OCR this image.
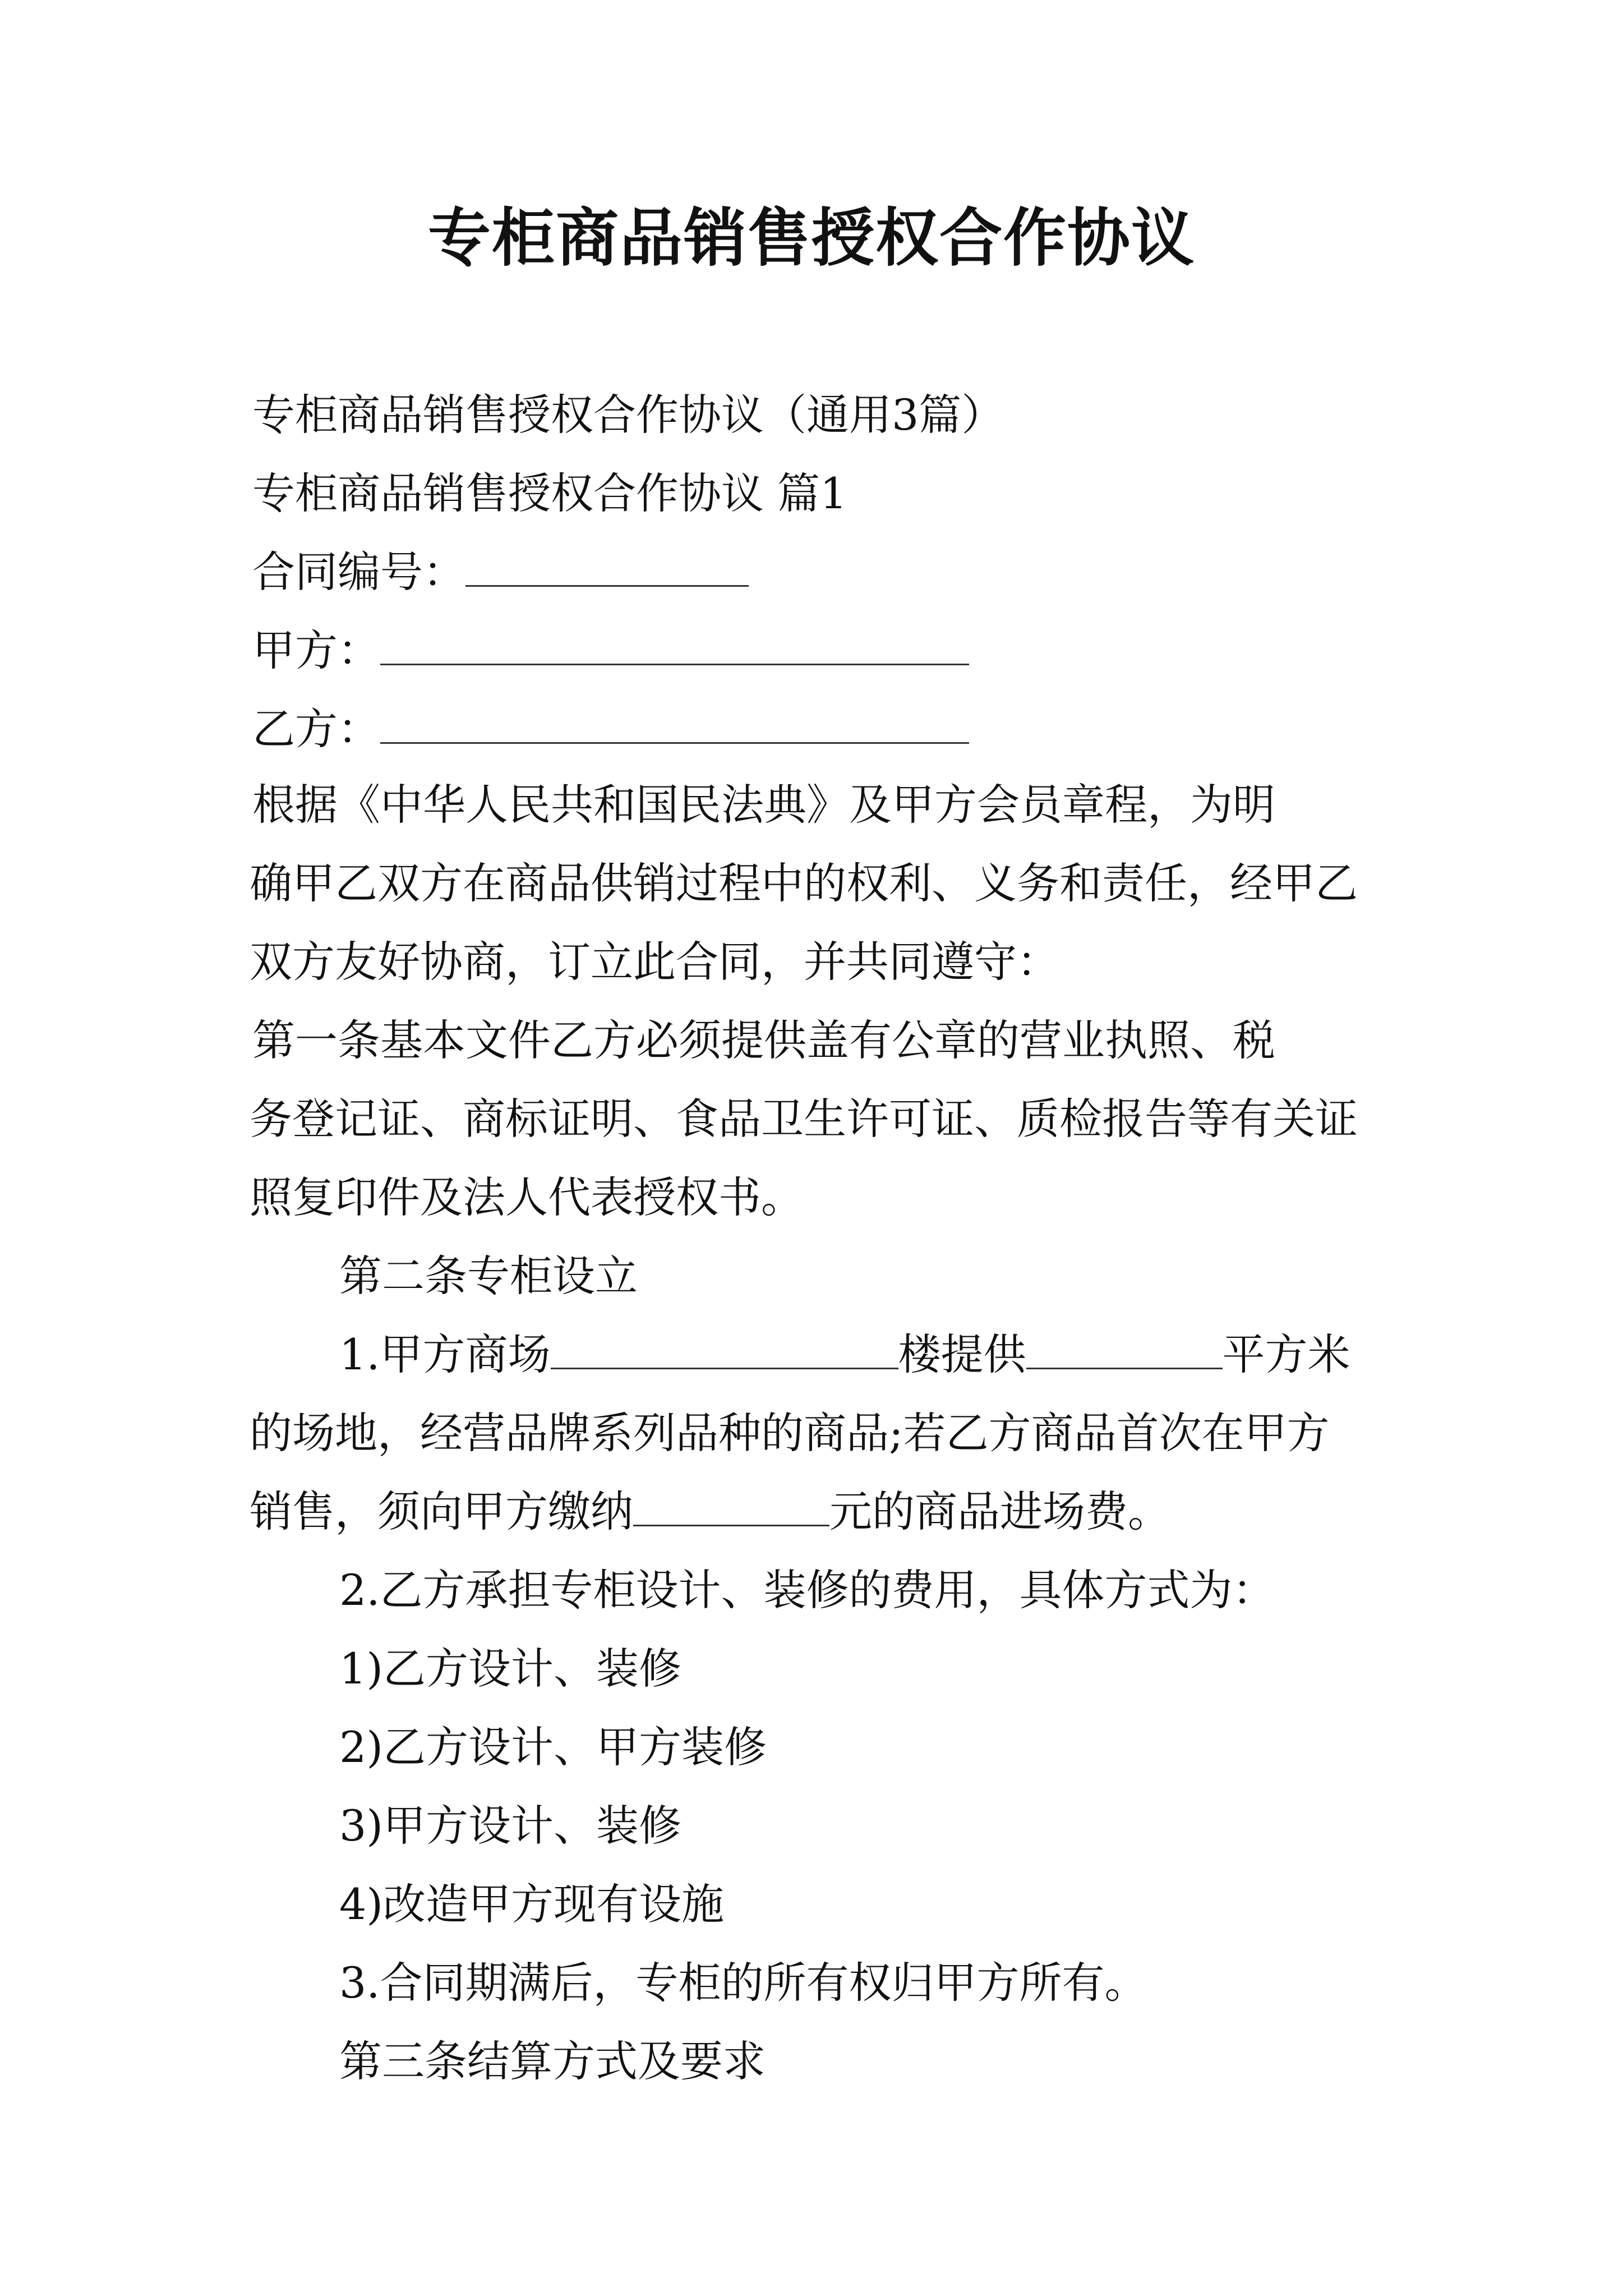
专柜商品销售授权合作协议
专柜商品销售授权合作协议（通用3篇）
专柜商品销售授权合作协议 篇1
合同编号：
甲方：
乙方：
根据《中华人民共和国民法典》及甲方会员章程，为明
确甲乙双方在商品供销过程中的权利、义务和责任，经甲乙
双方友好协商，订立此合同，并共同遵守：
第一条基本文件乙方必须提供盖有公章的营业执照、税
务登记证、商标证明、食品卫生许可证、质检报告等有关证
照复印件及法人代表授权书。
第二条专柜设立
1.甲方商场	楼提供	平方米
的场地，经营品牌系列品种的商品;若乙方商品首次在甲方
销售，须向甲方缴纳	元的商品进场费。
2.乙方承担专柜设计、装修的费用，具体方式为：
1)乙方设计、装修
2)乙方设计、甲方装修
3)甲方设计、装修
4)改造甲方现有设施
3.合同期满后，专柜的所有权归甲方所有。
第三条结算方式及要求
